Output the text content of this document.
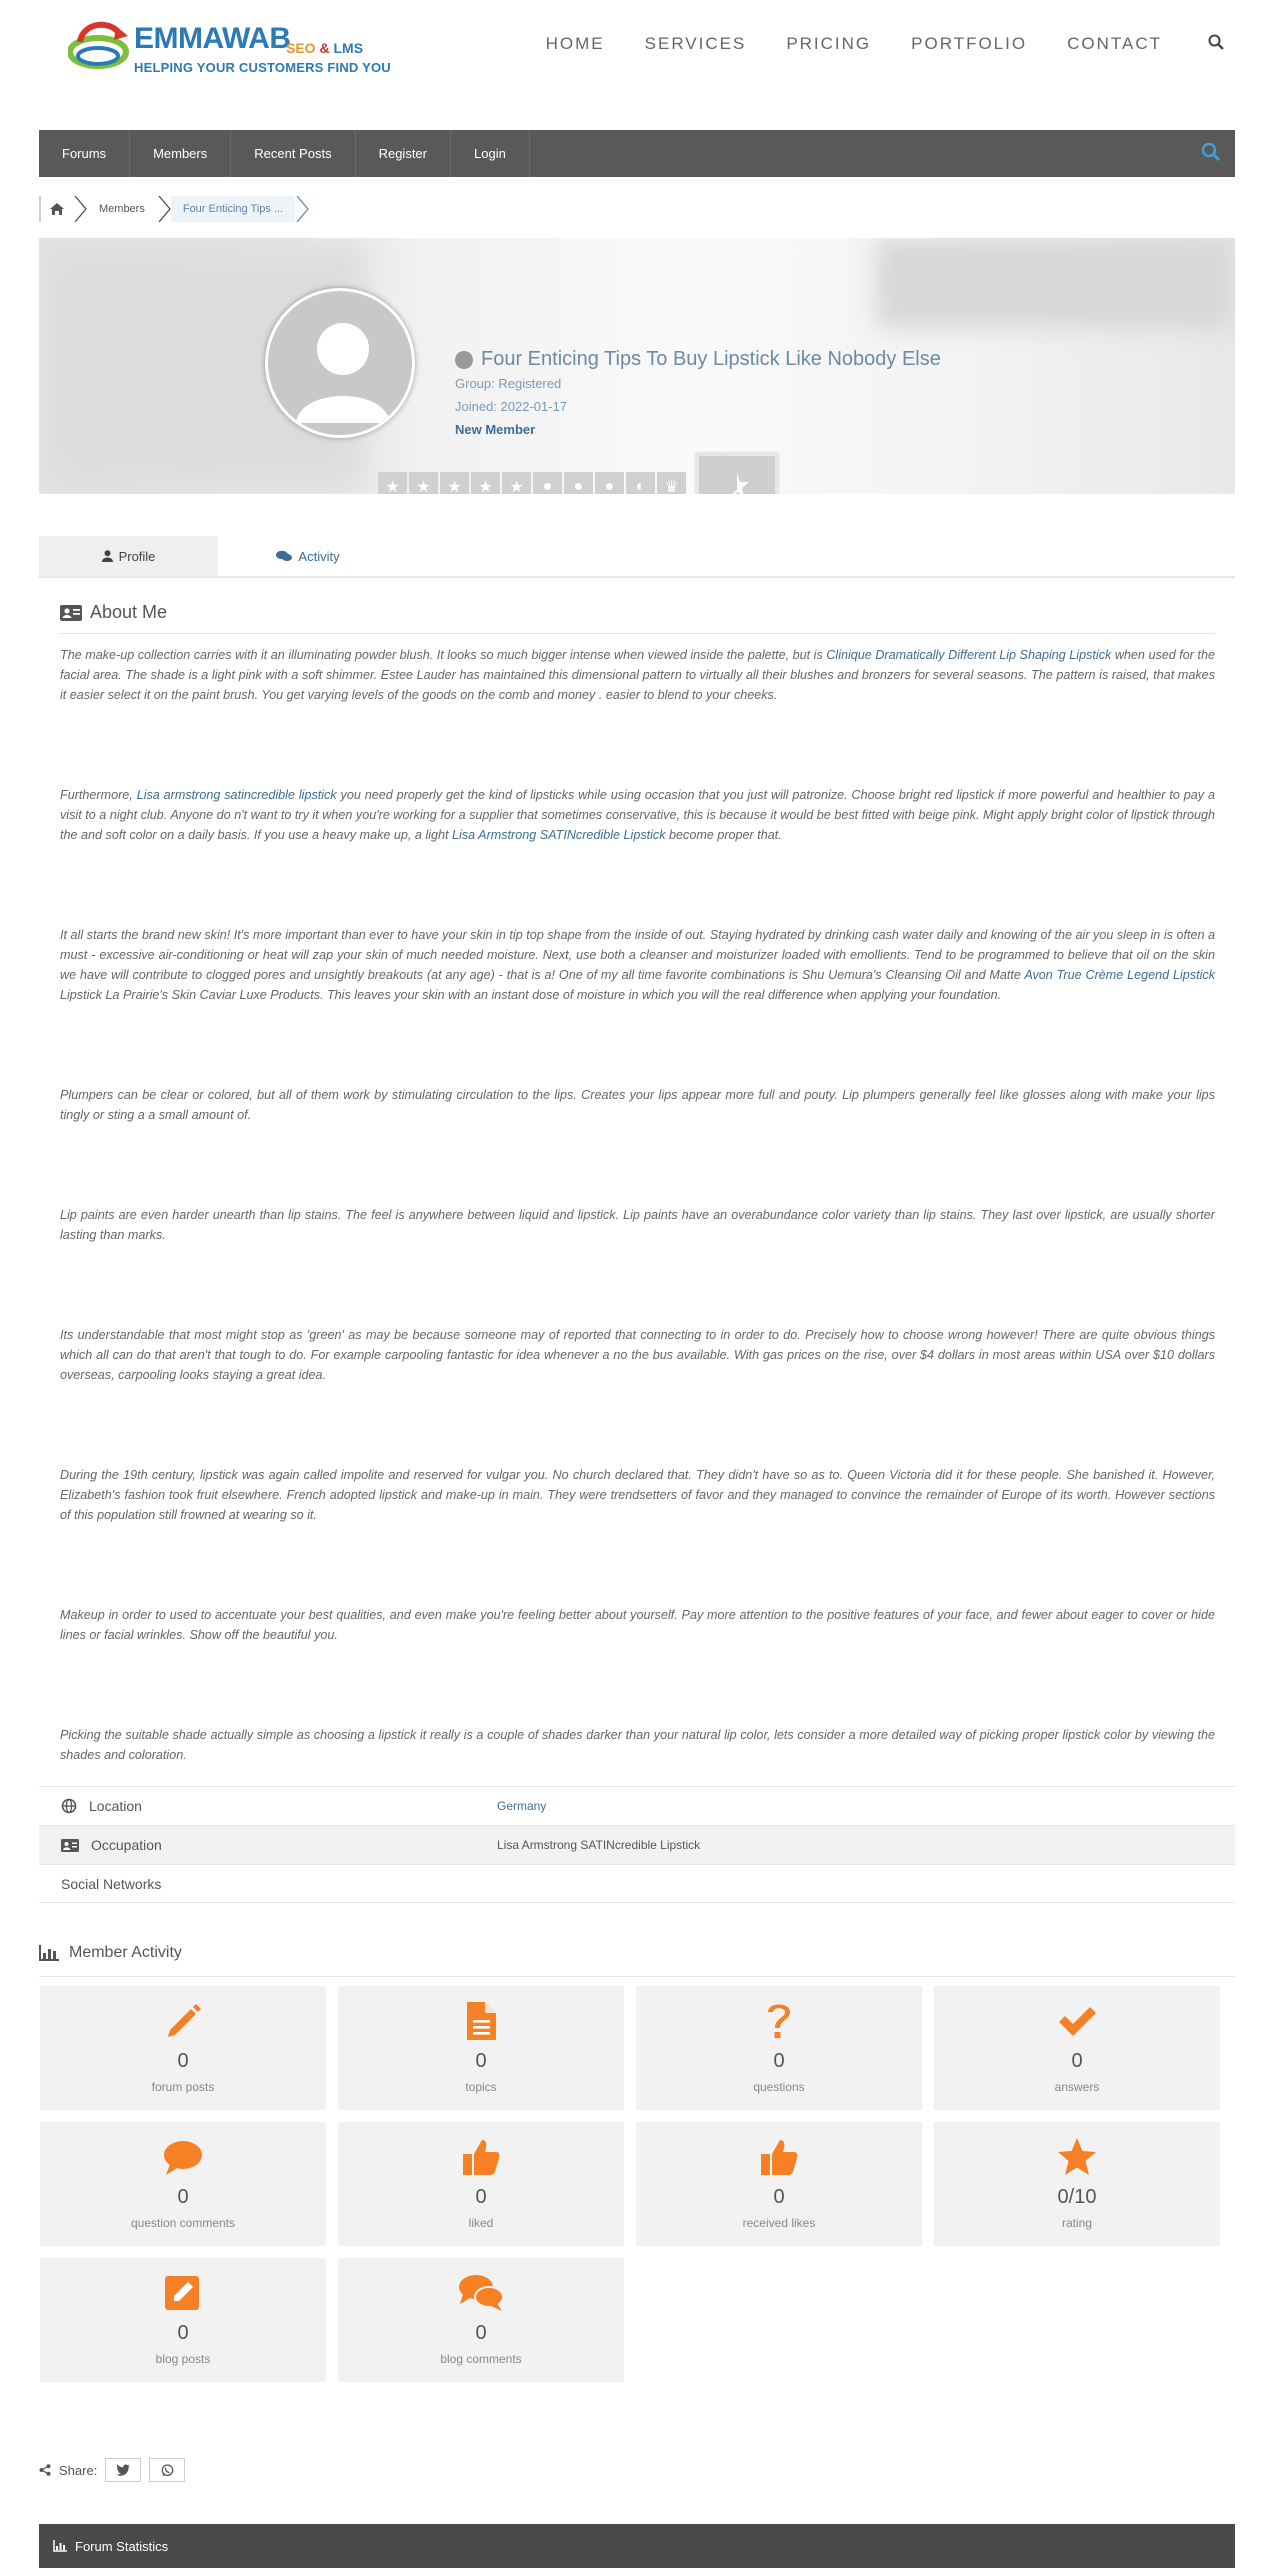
EMMAWAB
SEO & LMS
HELPING YOUR CUSTOMERS FIND YOU
HOME SERVICES PRICING PORTFOLIO CONTACT
Forums	Members	Recent Posts	Register	Login
Members	Four Enticing Tips ...
Four Enticing Tips To Buy Lipstick Like Nobody Else
Group: Registered
Joined: 2022-01-17
New Member
★	★	★	★	★	●	●	●	◐	♛
Profile	Activity
About Me

The make-up collection carries with it an illuminating powder blush. It looks so much bigger intense when viewed inside the palette, but is Clinique Dramatically Different Lip Shaping Lipstick when used for the facial area. The shade is a light pink with a soft shimmer. Estee Lauder has maintained this dimensional pattern to virtually all their blushes and bronzers for several seasons. The pattern is raised, that makes it easier select it on the paint brush. You get varying levels of the goods on the comb and money . easier to blend to your cheeks.

Furthermore, Lisa armstrong satincredible lipstick you need properly get the kind of lipsticks while using occasion that you just will patronize. Choose bright red lipstick if more powerful and healthier to pay a visit to a night club. Anyone do n't want to try it when you're working for a supplier that sometimes conservative, this is because it would be best fitted with beige pink. Might apply bright color of lipstick through the and soft color on a daily basis. If you use a heavy make up, a light Lisa Armstrong SATINcredible Lipstick become proper that.

It all starts the brand new skin! It's more important than ever to have your skin in tip top shape from the inside of out. Staying hydrated by drinking cash water daily and knowing of the air you sleep in is often a must - excessive air-conditioning or heat will zap your skin of much needed moisture. Next, use both a cleanser and moisturizer loaded with emollients. Tend to be programmed to believe that oil on the skin we have will contribute to clogged pores and unsightly breakouts (at any age) - that is a! One of my all time favorite combinations is Shu Uemura's Cleansing Oil and Matte Avon True Crème Legend Lipstick Lipstick La Prairie's Skin Caviar Luxe Products. This leaves your skin with an instant dose of moisture in which you will the real difference when applying your foundation.

Plumpers can be clear or colored, but all of them work by stimulating circulation to the lips. Creates your lips appear more full and pouty. Lip plumpers generally feel like glosses along with make your lips tingly or sting a a small amount of.

Lip paints are even harder unearth than lip stains. The feel is anywhere between liquid and lipstick. Lip paints have an overabundance color variety than lip stains. They last over lipstick, are usually shorter lasting than marks.

Its understandable that most might stop as 'green' as may be because someone may of reported that connecting to in order to do. Precisely how to choose wrong however! There are quite obvious things which all can do that aren't that tough to do. For example carpooling fantastic for idea whenever a no the bus available. With gas prices on the rise, over $4 dollars in most areas within USA over $10 dollars overseas, carpooling looks staying a great idea.

During the 19th century, lipstick was again called impolite and reserved for vulgar you. No church declared that. They didn't have so as to. Queen Victoria did it for these people. She banished it. However, Elizabeth's fashion took fruit elsewhere. French adopted lipstick and make-up in main. They were trendsetters of favor and they managed to convince the remainder of Europe of its worth. However sections of this population still frowned at wearing so it.

Makeup in order to used to accentuate your best qualities, and even make you're feeling better about yourself. Pay more attention to the positive features of your face, and fewer about eager to cover or hide lines or facial wrinkles. Show off the beautiful you.

Picking the suitable shade actually simple as choosing a lipstick it really is a couple of shades darker than your natural lip color, lets consider a more detailed way of picking proper lipstick color by viewing the shades and coloration.

Location	Germany
Occupation	Lisa Armstrong SATINcredible Lipstick
Social Networks
Member Activity
0
forum posts
0
topics
0
questions
0
answers
0
question comments
0
liked
0
received likes
0/10
rating
0
blog posts
0
blog comments
Share:
Forum Statistics
